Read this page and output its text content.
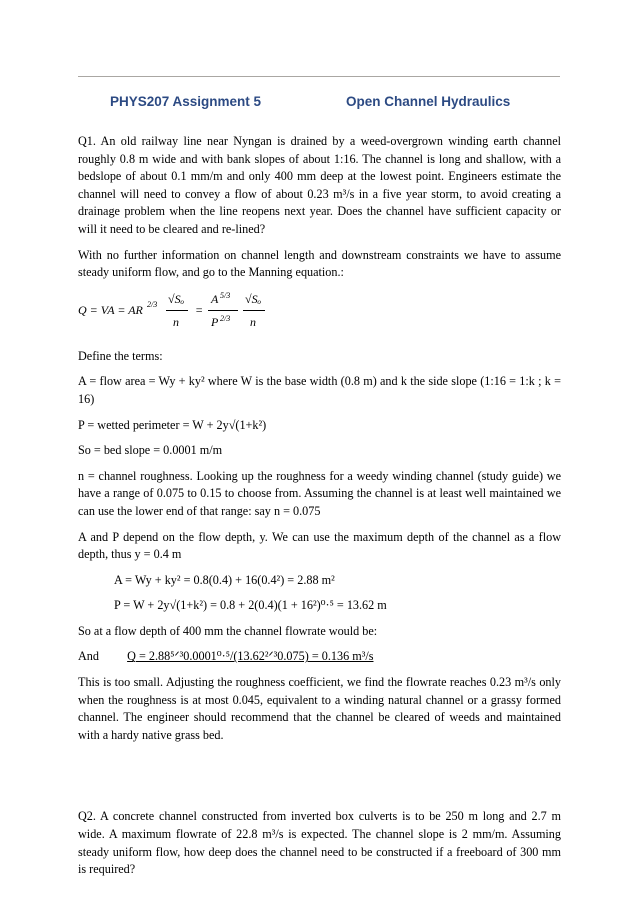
PHYS207 Assignment 5	Open Channel Hydraulics

Q1. An old railway line near Nyngan is drained by a weed-overgrown winding earth channel roughly 0.8 m wide and with bank slopes of about 1:16. The channel is long and shallow, with a bedslope of about 0.1 mm/m and only 400 mm deep at the lowest point. Engineers estimate the channel will need to convey a flow of about 0.23 m³/s in a five year storm, to avoid creating a drainage problem when the line reopens next year. Does the channel have sufficient capacity or will it need to be cleared and re-lined?

With no further information on channel length and downstream constraints we have to assume steady uniform flow, and go to the Manning equation.:

Q = VA = AR 2/3 √Sₒ
n
=
A 5/3
P 2/3
√Sₒ
n

Define the terms:

A = flow area = Wy + ky² where W is the base width (0.8 m) and k the side slope (1:16 = 1:k ; k = 16)

P = wetted perimeter = W + 2y√(1+k²)

So = bed slope = 0.0001 m/m

n = channel roughness. Looking up the roughness for a weedy winding channel (study guide) we have a range of 0.075 to 0.15 to choose from. Assuming the channel is at least well maintained we can use the lower end of that range: say n = 0.075

A and P depend on the flow depth, y. We can use the maximum depth of the channel as a flow depth, thus y = 0.4 m

A = Wy + ky² = 0.8(0.4) + 16(0.4²) = 2.88 m²

P = W + 2y√(1+k²) = 0.8 + 2(0.4)(1 + 16²)⁰·⁵ = 13.62 m

So at a flow depth of 400 mm the channel flowrate would be:

And Q = 2.88⁵ᐟ³0.0001⁰·⁵/(13.62²ᐟ³0.075) = 0.136 m³/s

This is too small. Adjusting the roughness coefficient, we find the flowrate reaches 0.23 m³/s only when the roughness is at most 0.045, equivalent to a winding natural channel or a grassy formed channel. The engineer should recommend that the channel be cleared of weeds and maintained with a hardy native grass bed.

Q2. A concrete channel constructed from inverted box culverts is to be 250 m long and 2.7 m wide. A maximum flowrate of 22.8 m³/s is expected. The channel slope is 2 mm/m. Assuming steady uniform flow, how deep does the channel need to be constructed if a freeboard of 300 mm is required?
